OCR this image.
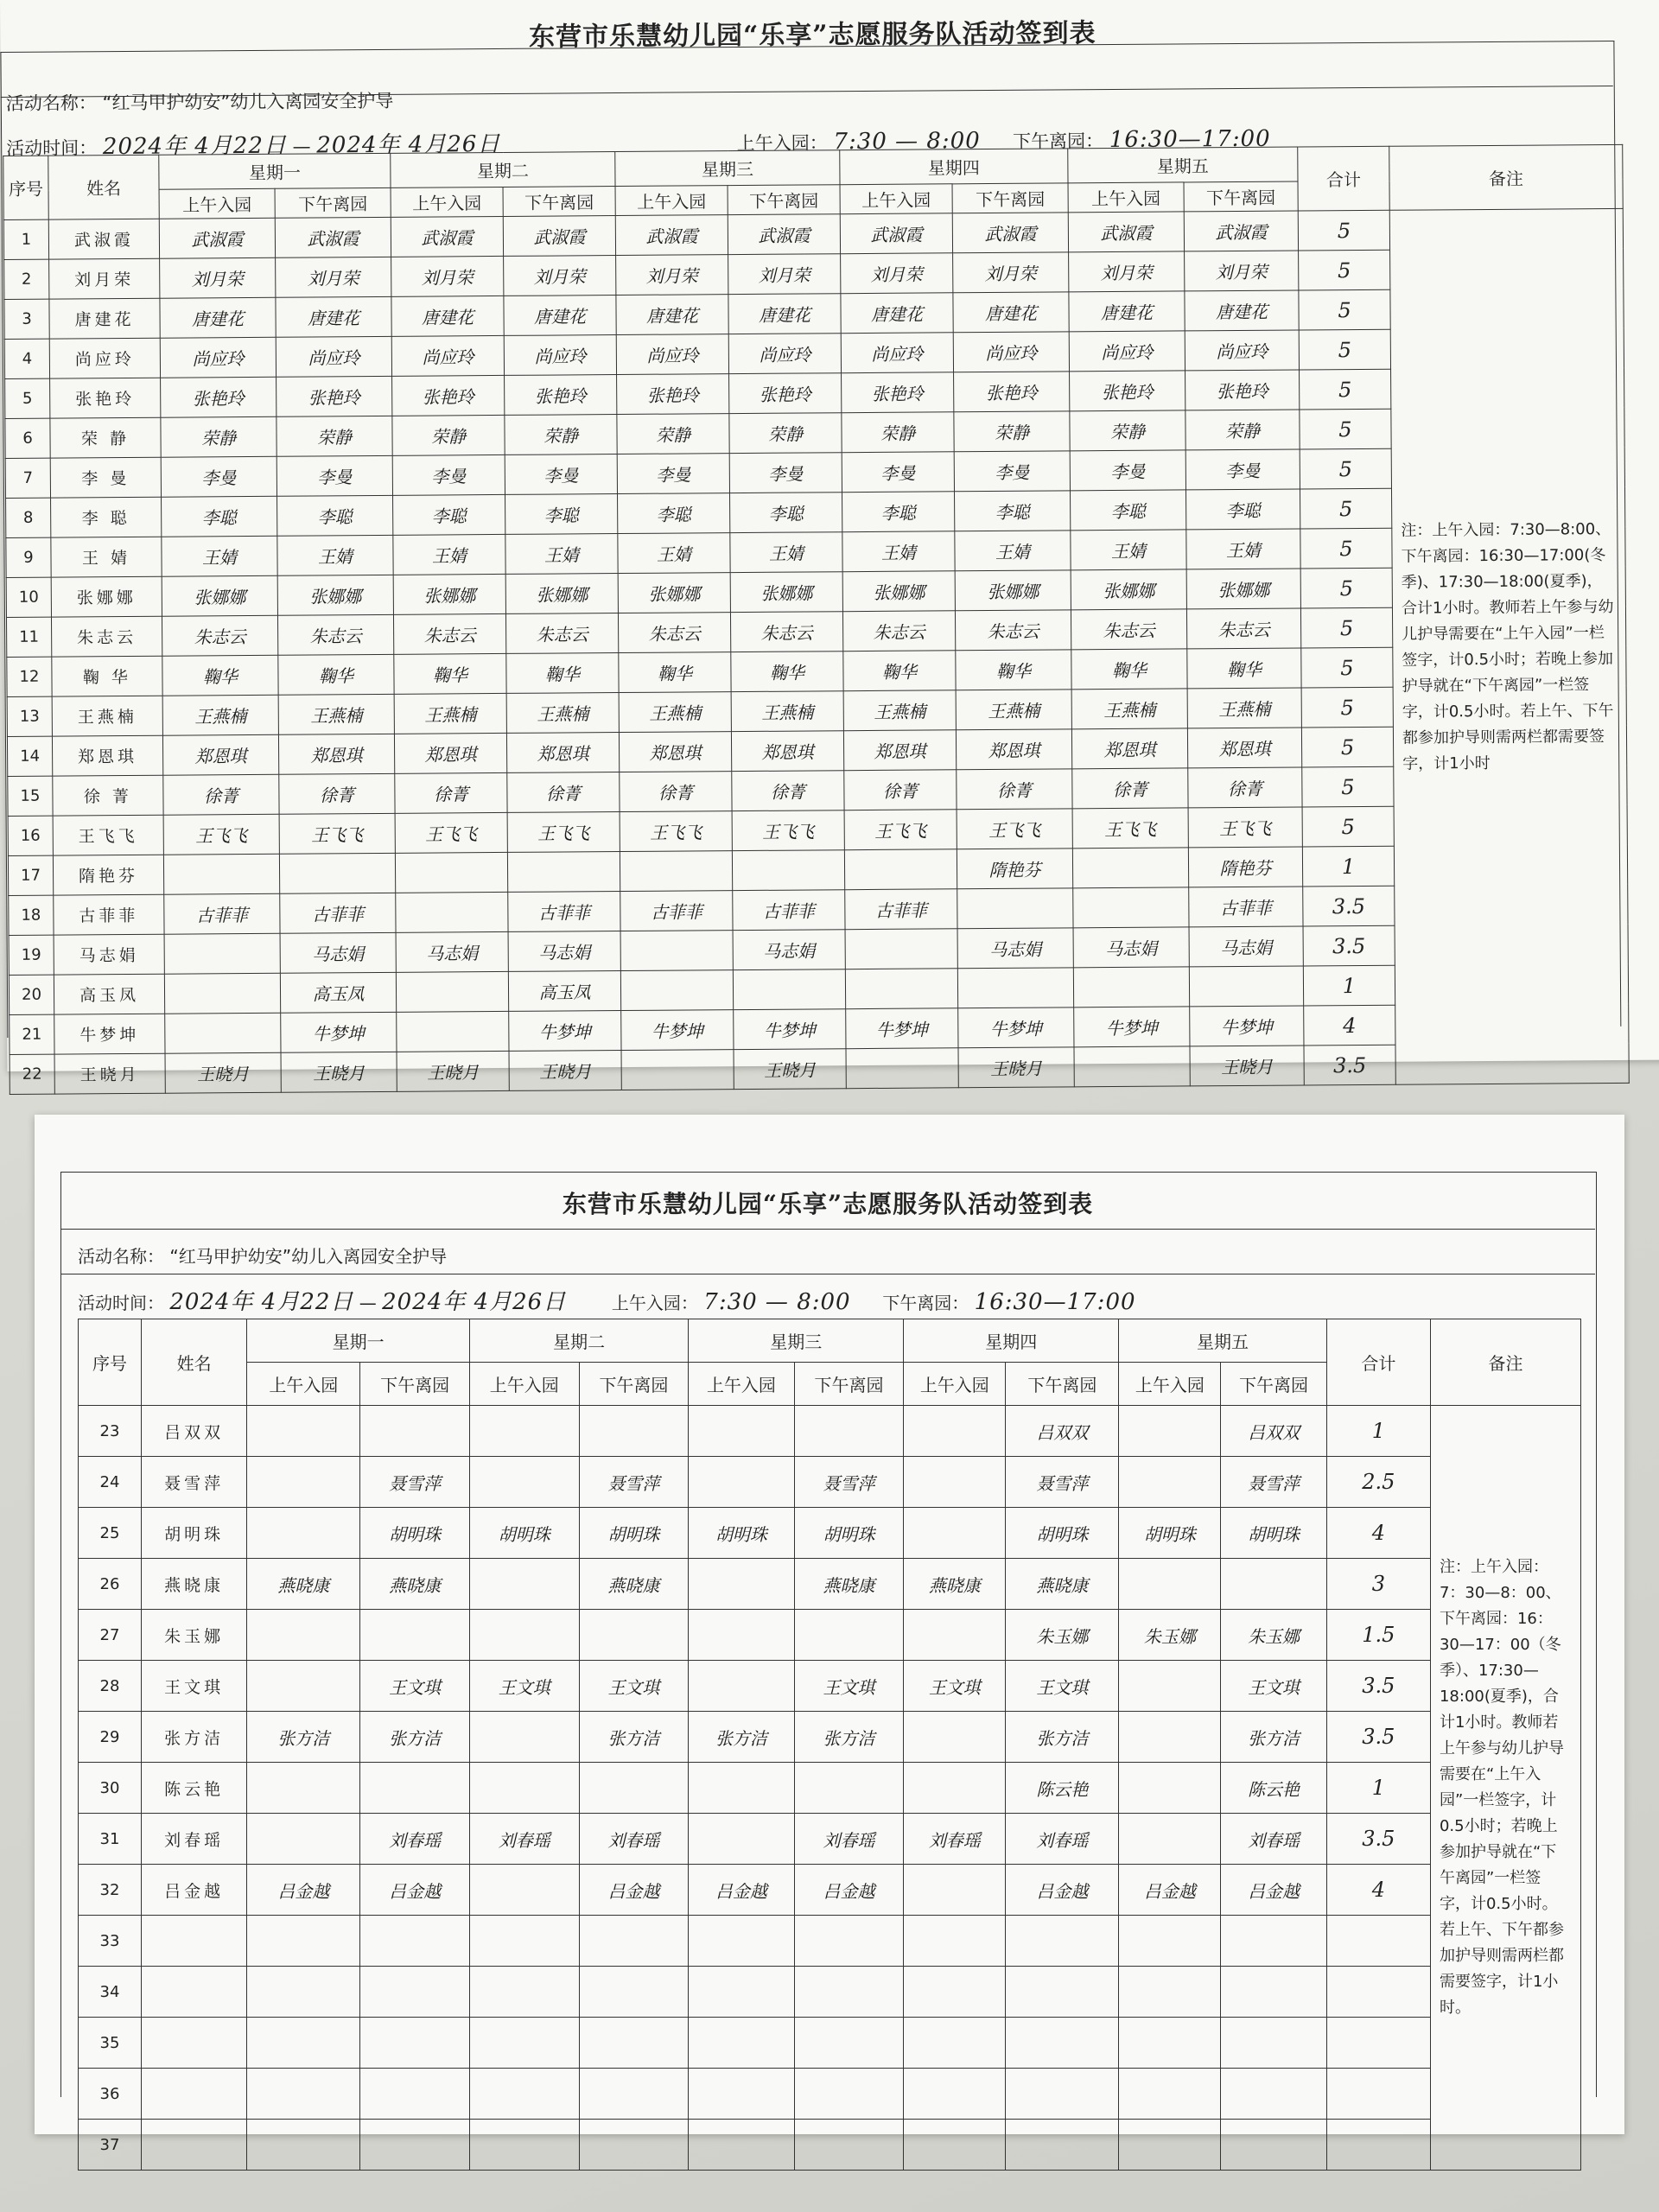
东营市乐慧幼儿园“乐享”志愿服务队活动签到表
活动名称： “红马甲护幼安”幼儿入离园安全护导
活动时间： 2024年 4月22日 — 2024年 4月26日	上午入园： 7:30 — 8:00 下午离园： 16:30—17:00
序号	姓名	星期一		星期二		星期三		星期四		星期五		合计	备注
		上午入园	下午离园	上午入园	下午离园	上午入园	下午离园	上午入园	下午离园	上午入园	下午离园		
1	武淑霞	武淑霞	武淑霞	武淑霞	武淑霞	武淑霞	武淑霞	武淑霞	武淑霞	武淑霞	武淑霞	5	注：上午入园：7:30—8:00、下午离园：16:30—17:00(冬季)、17:30—18:00(夏季)，合计1小时。教师若上午参与幼儿护导需要在“上午入园”一栏签字，计0.5小时；若晚上参加护导就在“下午离园”一栏签字，计0.5小时。若上午、下午都参加护导则需两栏都需要签字，计1小时
2	刘月荣	刘月荣	刘月荣	刘月荣	刘月荣	刘月荣	刘月荣	刘月荣	刘月荣	刘月荣	刘月荣	5	
3	唐建花	唐建花	唐建花	唐建花	唐建花	唐建花	唐建花	唐建花	唐建花	唐建花	唐建花	5	
4	尚应玲	尚应玲	尚应玲	尚应玲	尚应玲	尚应玲	尚应玲	尚应玲	尚应玲	尚应玲	尚应玲	5	
5	张艳玲	张艳玲	张艳玲	张艳玲	张艳玲	张艳玲	张艳玲	张艳玲	张艳玲	张艳玲	张艳玲	5	
6	荣 静	荣静	荣静	荣静	荣静	荣静	荣静	荣静	荣静	荣静	荣静	5	
7	李 曼	李曼	李曼	李曼	李曼	李曼	李曼	李曼	李曼	李曼	李曼	5	
8	李 聪	李聪	李聪	李聪	李聪	李聪	李聪	李聪	李聪	李聪	李聪	5	
9	王 婧	王婧	王婧	王婧	王婧	王婧	王婧	王婧	王婧	王婧	王婧	5	
10	张娜娜	张娜娜	张娜娜	张娜娜	张娜娜	张娜娜	张娜娜	张娜娜	张娜娜	张娜娜	张娜娜	5	
11	朱志云	朱志云	朱志云	朱志云	朱志云	朱志云	朱志云	朱志云	朱志云	朱志云	朱志云	5	
12	鞠 华	鞠华	鞠华	鞠华	鞠华	鞠华	鞠华	鞠华	鞠华	鞠华	鞠华	5	
13	王燕楠	王燕楠	王燕楠	王燕楠	王燕楠	王燕楠	王燕楠	王燕楠	王燕楠	王燕楠	王燕楠	5	
14	郑恩琪	郑恩琪	郑恩琪	郑恩琪	郑恩琪	郑恩琪	郑恩琪	郑恩琪	郑恩琪	郑恩琪	郑恩琪	5	
15	徐 菁	徐菁	徐菁	徐菁	徐菁	徐菁	徐菁	徐菁	徐菁	徐菁	徐菁	5	
16	王飞飞	王飞飞	王飞飞	王飞飞	王飞飞	王飞飞	王飞飞	王飞飞	王飞飞	王飞飞	王飞飞	5	
17	隋艳芬								隋艳芬		隋艳芬	1	
18	古菲菲	古菲菲	古菲菲		古菲菲	古菲菲	古菲菲	古菲菲			古菲菲	3.5	
19	马志娟		马志娟	马志娟	马志娟		马志娟		马志娟	马志娟	马志娟	3.5	
20	高玉凤		高玉凤		高玉凤							1	
21	牛梦坤		牛梦坤		牛梦坤	牛梦坤	牛梦坤	牛梦坤	牛梦坤	牛梦坤	牛梦坤	4	
22	王晓月	王晓月	王晓月	王晓月	王晓月		王晓月		王晓月		王晓月	3.5	
东营市乐慧幼儿园“乐享”志愿服务队活动签到表
活动名称： “红马甲护幼安”幼儿入离园安全护导
活动时间： 2024年 4月22日 — 2024年 4月26日	上午入园： 7:30 — 8:00 下午离园： 16:30—17:00
序号	姓名	星期一		星期二		星期三		星期四		星期五		合计	备注
		上午入园	下午离园	上午入园	下午离园	上午入园	下午离园	上午入园	下午离园	上午入园	下午离园		
23	吕双双								吕双双		吕双双	1	注：上午入园：7：30—8：00、下午离园：16：30—17：00（冬季）、17:30—18:00(夏季)，合计1小时。教师若上午参与幼儿护导需要在“上午入园”一栏签字，计0.5小时；若晚上参加护导就在“下午离园”一栏签字，计0.5小时。若上午、下午都参加护导则需两栏都需要签字，计1小时。
24	聂雪萍		聂雪萍		聂雪萍		聂雪萍		聂雪萍		聂雪萍	2.5	
25	胡明珠		胡明珠	胡明珠	胡明珠	胡明珠	胡明珠		胡明珠	胡明珠	胡明珠	4	
26	燕晓康	燕晓康	燕晓康		燕晓康		燕晓康	燕晓康	燕晓康			3	
27	朱玉娜								朱玉娜	朱玉娜	朱玉娜	1.5	
28	王文琪		王文琪	王文琪	王文琪		王文琪	王文琪	王文琪		王文琪	3.5	
29	张方洁	张方洁	张方洁		张方洁	张方洁	张方洁		张方洁		张方洁	3.5	
30	陈云艳								陈云艳		陈云艳	1	
31	刘春瑶		刘春瑶	刘春瑶	刘春瑶		刘春瑶	刘春瑶	刘春瑶		刘春瑶	3.5	
32	吕金越	吕金越	吕金越		吕金越	吕金越	吕金越		吕金越	吕金越	吕金越	4	
33													
34													
35													
36													
37													
